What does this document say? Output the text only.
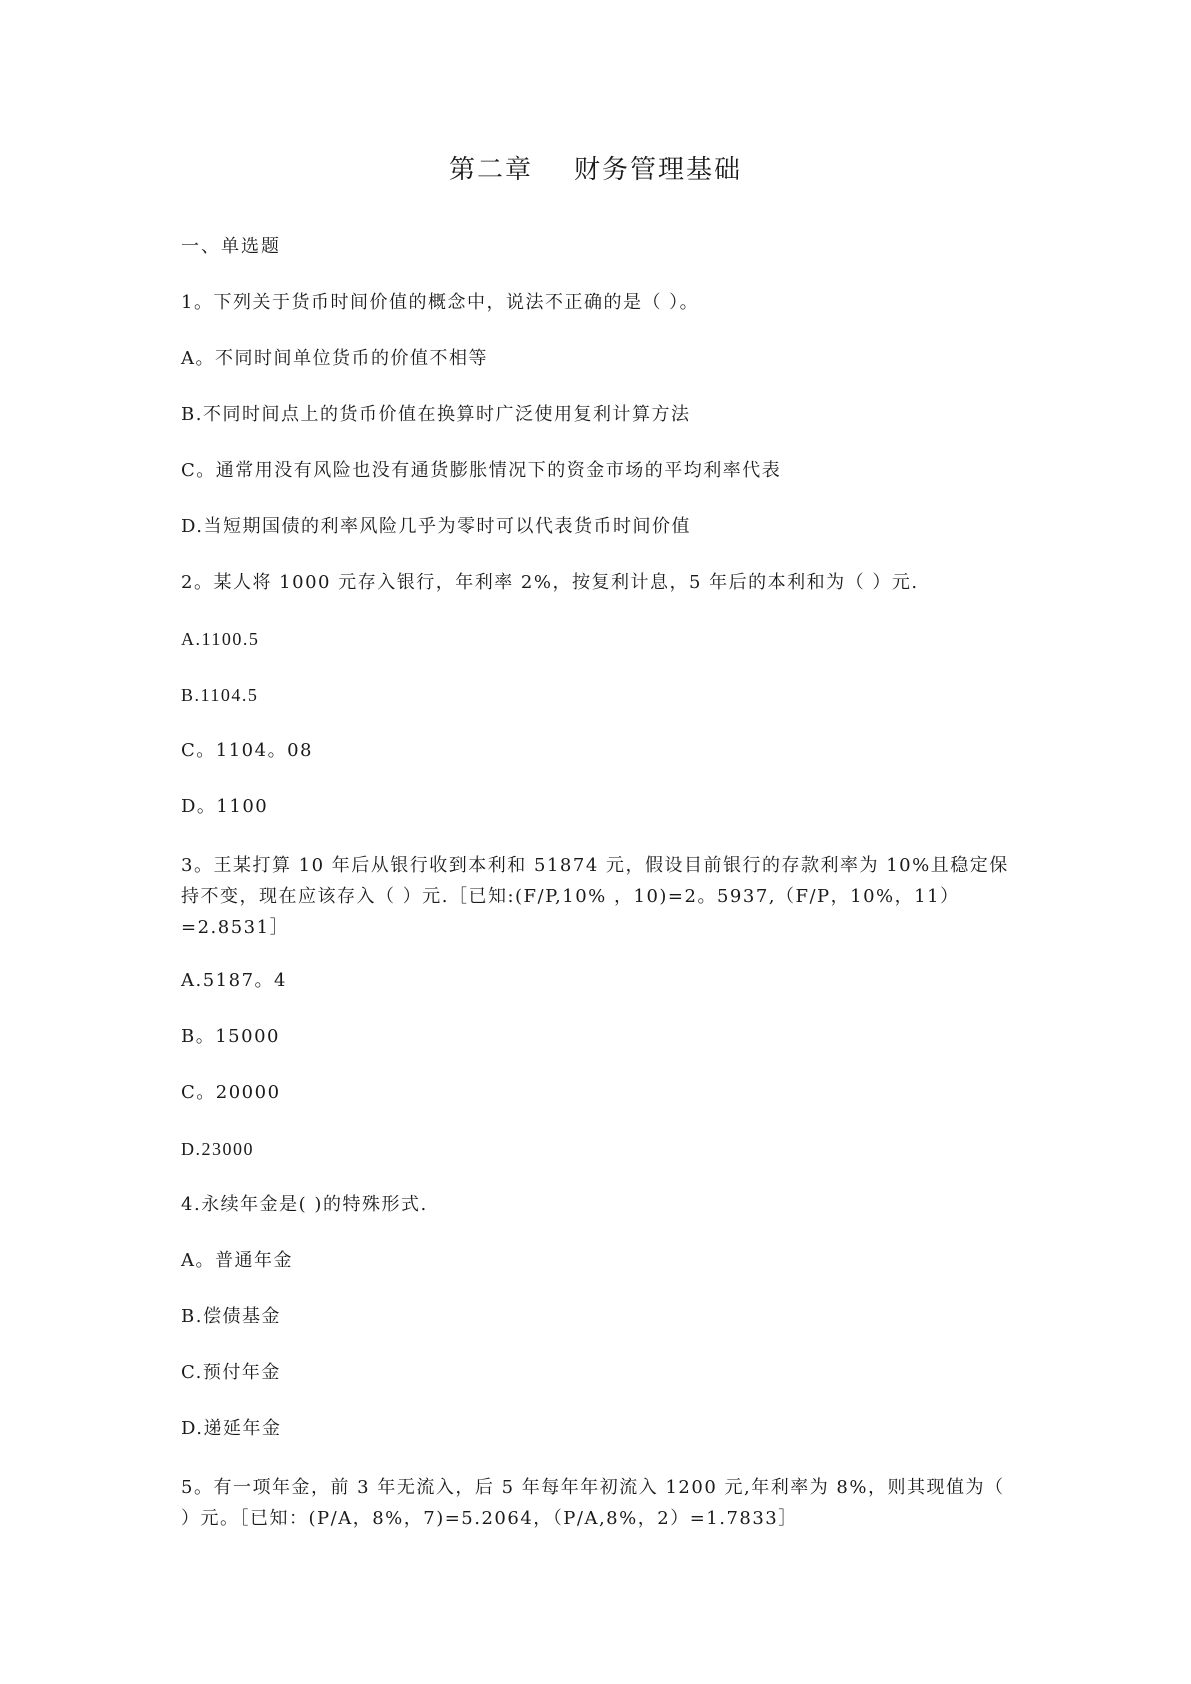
第二章    财务管理基础
一、单选题
1。下列关于货币时间价值的概念中，说法不正确的是（ ）。
A。不同时间单位货币的价值不相等
B.不同时间点上的货币价值在换算时广泛使用复利计算方法
C。通常用没有风险也没有通货膨胀情况下的资金市场的平均利率代表
D.当短期国债的利率风险几乎为零时可以代表货币时间价值
2。某人将 1000 元存入银行，年利率 2%，按复利计息，5 年后的本利和为（ ）元.
A.1100.5
B.1104.5
C。1104。08
D。1100
3。王某打算 10 年后从银行收到本利和 51874 元，假设目前银行的存款利率为 10%且稳定保持不变，现在应该存入（ ）元.［已知:(F/P,10% ，10)=2。5937,（F/P，10%，11）=2.8531］
A.5187。4
B。15000
C。20000
D.23000
4.永续年金是( )的特殊形式.
A。普通年金
B.偿债基金
C.预付年金
D.递延年金
5。有一项年金，前 3 年无流入，后 5 年每年年初流入 1200 元,年利率为 8%，则其现值为（ ）元。［已知：(P/A，8%，7)=5.2064，（P/A,8%，2）=1.7833］
